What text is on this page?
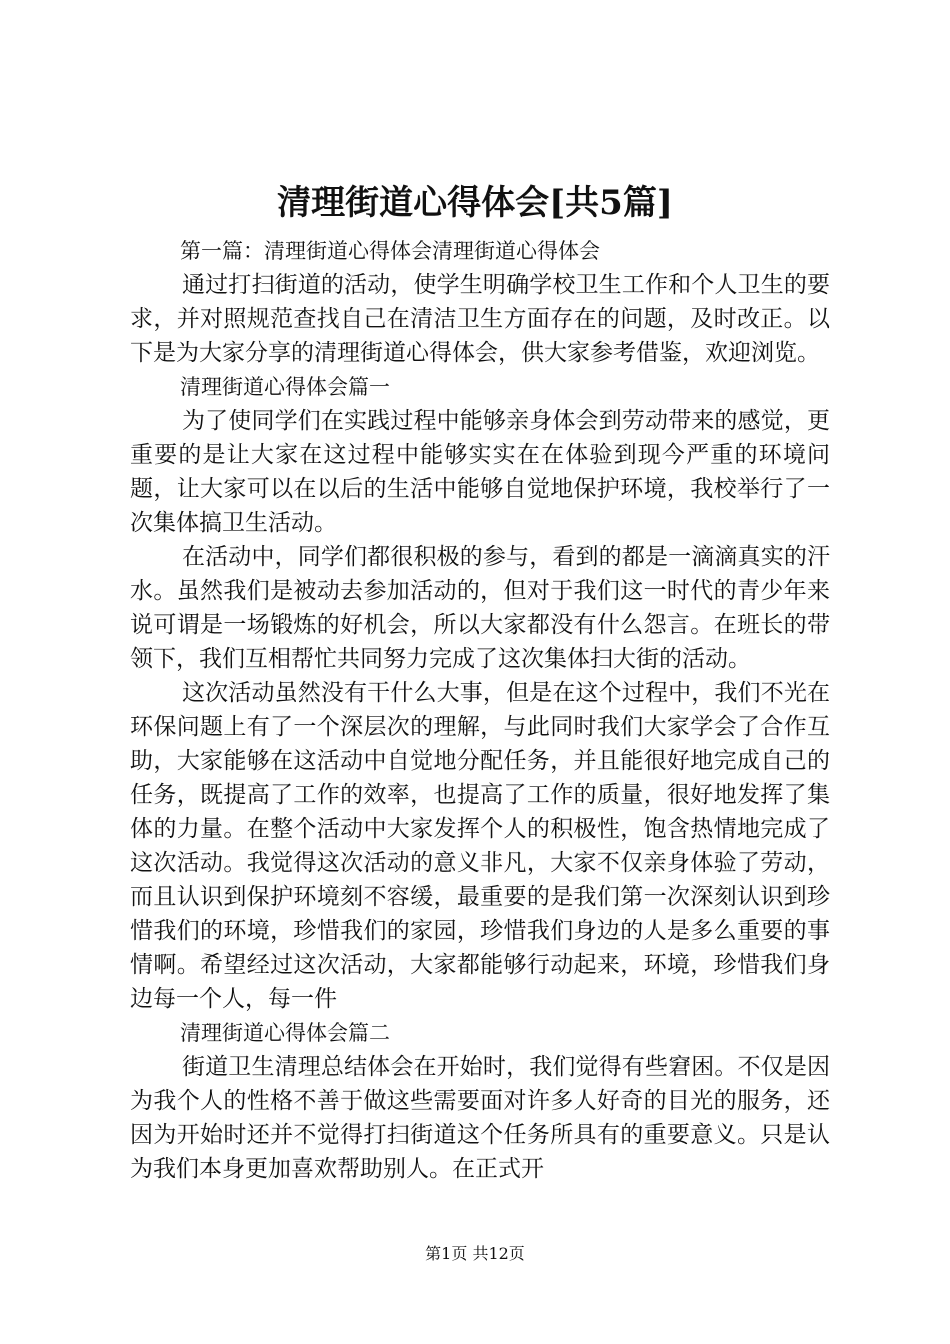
清理街道心得体会[共5篇]

第一篇：清理街道心得体会清理街道心得体会

通过打扫街道的活动，使学生明确学校卫生工作和个人卫生的要求，并对照规范查找自己在清洁卫生方面存在的问题，及时改正。以下是为大家分享的清理街道心得体会，供大家参考借鉴，欢迎浏览。

清理街道心得体会篇一

为了使同学们在实践过程中能够亲身体会到劳动带来的感觉，更重要的是让大家在这过程中能够实实在在体验到现今严重的环境问题，让大家可以在以后的生活中能够自觉地保护环境，我校举行了一次集体搞卫生活动。

在活动中，同学们都很积极的参与，看到的都是一滴滴真实的汗水。虽然我们是被动去参加活动的，但对于我们这一时代的青少年来说可谓是一场锻炼的好机会，所以大家都没有什么怨言。在班长的带领下，我们互相帮忙共同努力完成了这次集体扫大街的活动。

这次活动虽然没有干什么大事，但是在这个过程中，我们不光在环保问题上有了一个深层次的理解，与此同时我们大家学会了合作互助，大家能够在这活动中自觉地分配任务，并且能很好地完成自己的任务，既提高了工作的效率，也提高了工作的质量，很好地发挥了集体的力量。在整个活动中大家发挥个人的积极性，饱含热情地完成了这次活动。我觉得这次活动的意义非凡，大家不仅亲身体验了劳动，而且认识到保护环境刻不容缓，最重要的是我们第一次深刻认识到珍惜我们的环境，珍惜我们的家园，珍惜我们身边的人是多么重要的事情啊。希望经过这次活动，大家都能够行动起来，环境，珍惜我们身边每一个人，每一件

清理街道心得体会篇二

街道卫生清理总结体会在开始时，我们觉得有些窘困。不仅是因为我个人的性格不善于做这些需要面对许多人好奇的目光的服务，还因为开始时还并不觉得打扫街道这个任务所具有的重要意义。只是认为我们本身更加喜欢帮助别人。在正式开

第1页 共12页
